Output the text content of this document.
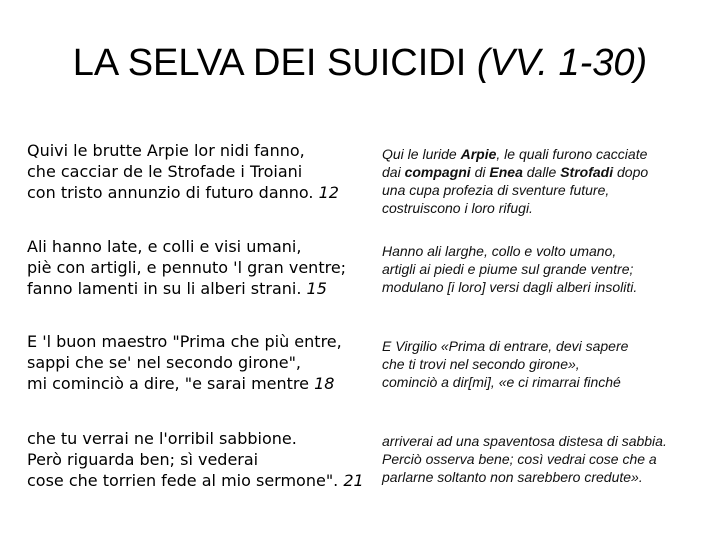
LA SELVA DEI SUICIDI (VV. 1-30)
Quivi le brutte Arpie lor nidi fanno,
che cacciar de le Strofade i Troiani
con tristo annunzio di futuro danno. 12
Qui le luride Arpie, le quali furono cacciate
dai compagni di Enea dalle Strofadi dopo
una cupa profezia di sventure future,
costruiscono i loro rifugi.
Ali hanno late, e colli e visi umani,
piè con artigli, e pennuto 'l gran ventre;
fanno lamenti in su li alberi strani. 15
Hanno ali larghe, collo e volto umano,
artigli ai piedi e piume sul grande ventre;
modulano [i loro] versi dagli alberi insoliti.
E 'l buon maestro "Prima che più entre,
sappi che se' nel secondo girone",
mi cominciò a dire, "e sarai mentre 18
E Virgilio «Prima di entrare, devi sapere
che ti trovi nel secondo girone»,
cominciò a dir[mi], «e ci rimarrai finché
che tu verrai ne l'orribil sabbione.
Però riguarda ben; sì vederai
cose che torrien fede al mio sermone". 21
arriverai ad una spaventosa distesa di sabbia.
Perciò osserva bene; così vedrai cose che a
parlarne soltanto non sarebbero credute».
